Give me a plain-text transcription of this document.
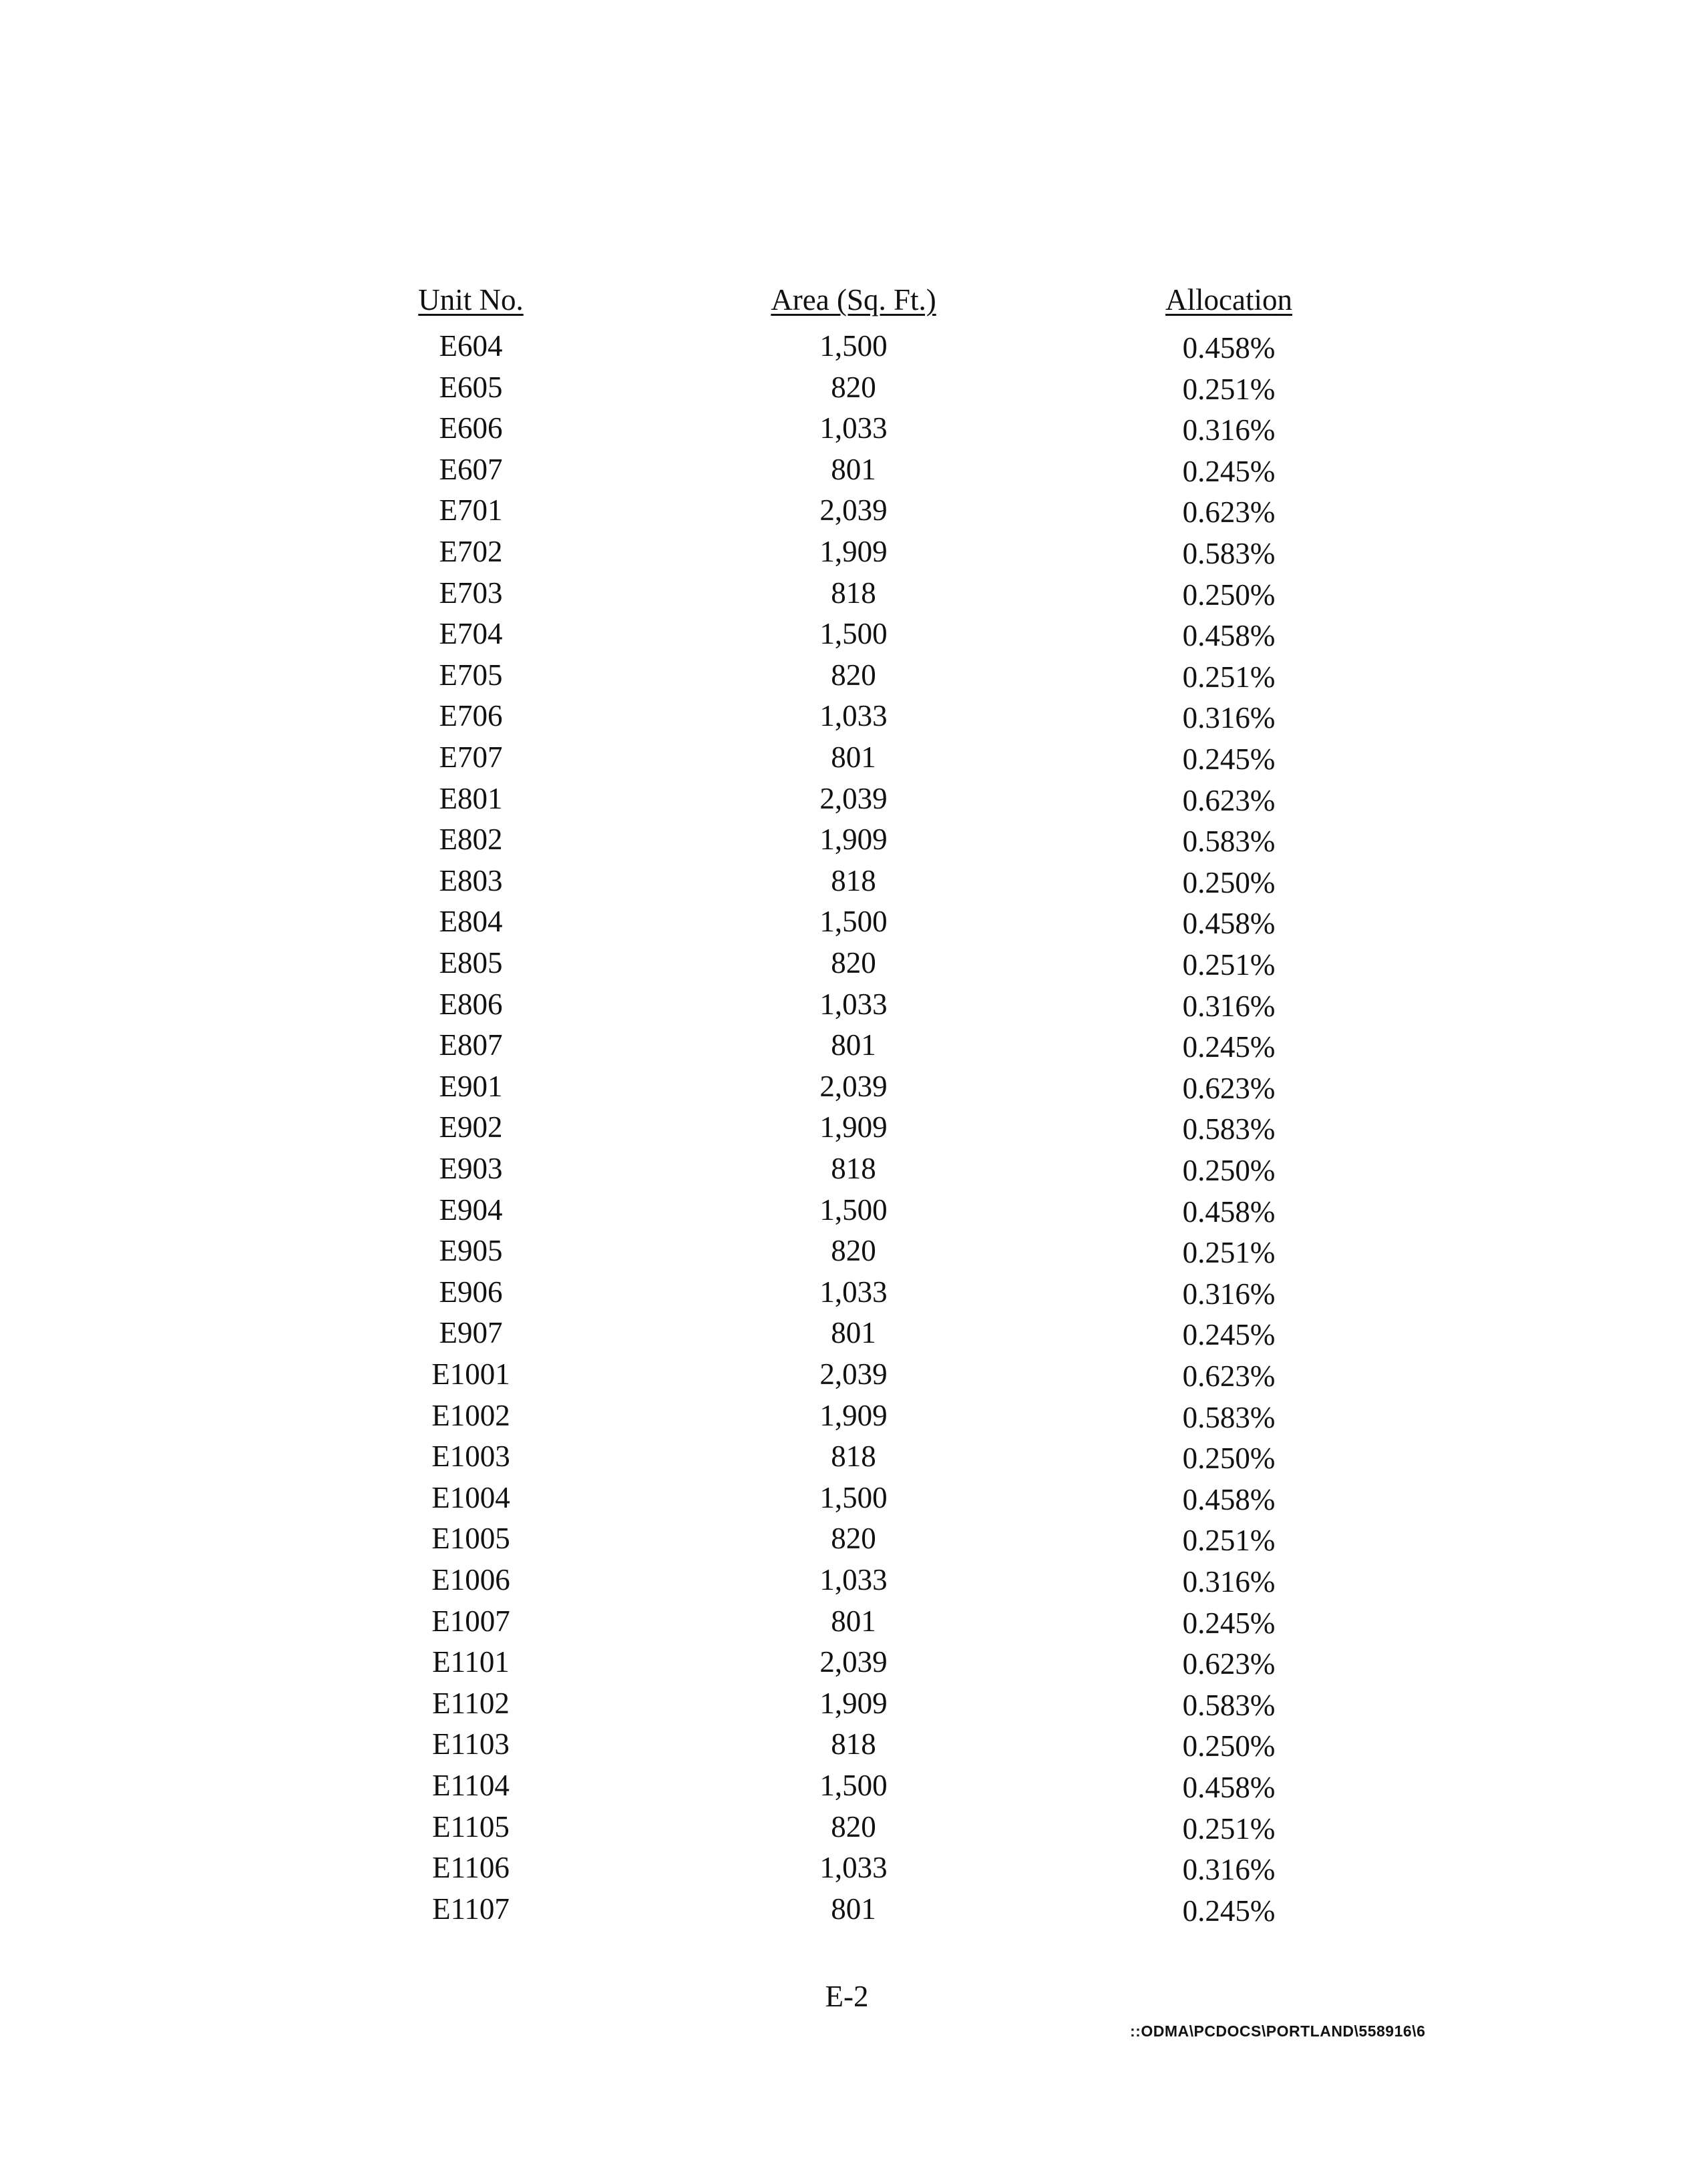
Unit No.	Area (Sq. Ft.)	Allocation
E604	1,500	0.458%
E605	820	0.251%
E606	1,033	0.316%
E607	801	0.245%
E701	2,039	0.623%
E702	1,909	0.583%
E703	818	0.250%
E704	1,500	0.458%
E705	820	0.251%
E706	1,033	0.316%
E707	801	0.245%
E801	2,039	0.623%
E802	1,909	0.583%
E803	818	0.250%
E804	1,500	0.458%
E805	820	0.251%
E806	1,033	0.316%
E807	801	0.245%
E901	2,039	0.623%
E902	1,909	0.583%
E903	818	0.250%
E904	1,500	0.458%
E905	820	0.251%
E906	1,033	0.316%
E907	801	0.245%
E1001	2,039	0.623%
E1002	1,909	0.583%
E1003	818	0.250%
E1004	1,500	0.458%
E1005	820	0.251%
E1006	1,033	0.316%
E1007	801	0.245%
E1101	2,039	0.623%
E1102	1,909	0.583%
E1103	818	0.250%
E1104	1,500	0.458%
E1105	820	0.251%
E1106	1,033	0.316%
E1107	801	0.245%
E-2
::ODMA\PCDOCS\PORTLAND\558916\6
